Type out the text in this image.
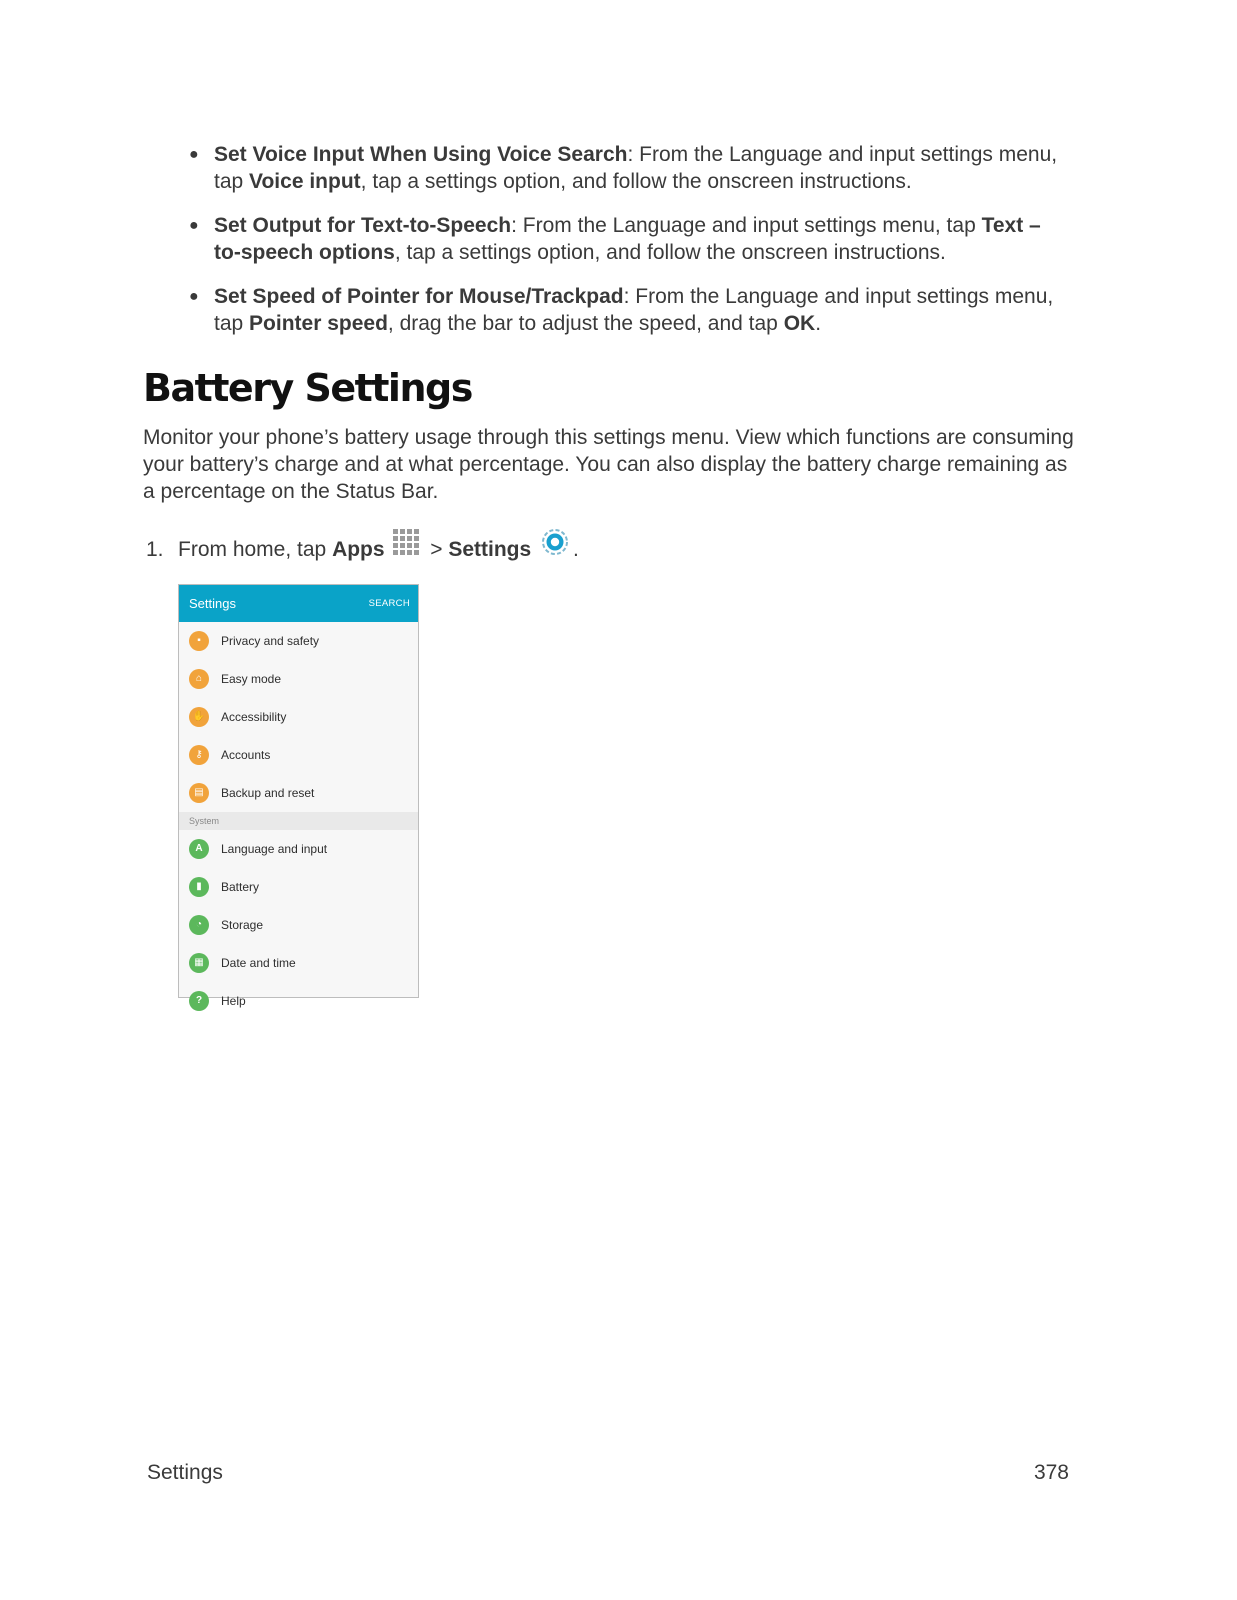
● Set Voice Input When Using Voice Search: From the Language and input settings menu, tap Voice input, tap a settings option, and follow the onscreen instructions.
● Set Output for Text-to-Speech: From the Language and input settings menu, tap Text – to-speech options, tap a settings option, and follow the onscreen instructions.
● Set Speed of Pointer for Mouse/Trackpad: From the Language and input settings menu, tap Pointer speed, drag the bar to adjust the speed, and tap OK.
Battery Settings

Monitor your phone’s battery usage through this settings menu. View which functions are consuming your battery’s charge and at what percentage. You can also display the battery charge remaining as a percentage on the Status Bar.

1. From home, tap Apps  > Settings .
Settings	SEARCH
▪ Privacy and safety
⌂ Easy mode
✋ Accessibility
⚷ Accounts
▤ Backup and reset
System
A Language and input
▮ Battery
◔ Storage
▦ Date and time
? Help
Settings	378
